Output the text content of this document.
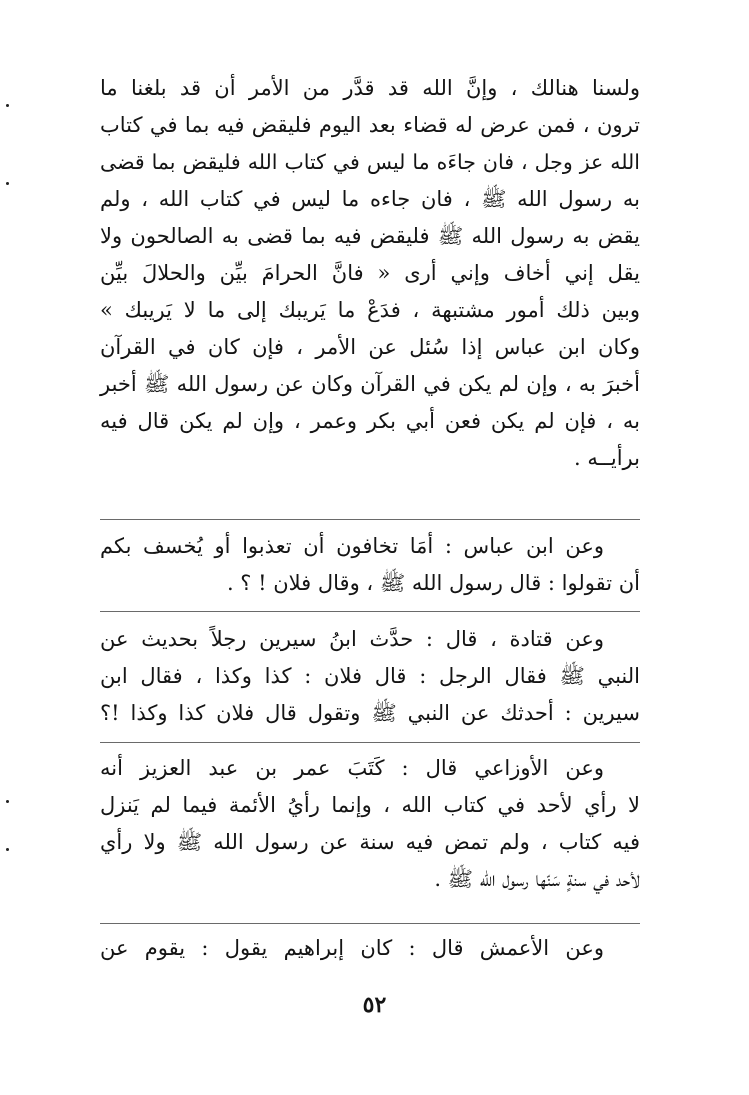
ولسنا هنالك ، وإنَّ الله قد قدَّر من الأمر أن قد بلغنا ما
ترون ، فمن عرض له قضاء بعد اليوم فليقض فيه بما في كتاب
الله عز وجل ، فان جاءَه ما ليس في كتاب الله فليقض بما قضى
به رسول الله ﷺ ، فان جاءه ما ليس في كتاب الله ، ولم
يقض به رسول الله ﷺ فليقض فيه بما قضى به الصالحون ولا
يقل إني أخاف وإني أرى « فانَّ الحرامَ بيِّن والحلالَ بيِّن
وبين ذلك أمور مشتبهة ، فدَعْ ما يَريبك إلى ما لا يَريبك »
وكان ابن عباس إذا سُئل عن الأمر ، فإن كان في القرآن
أخبرَ به ، وإن لم يكن في القرآن وكان عن رسول الله ﷺ أخبر
به ، فإن لم يكن فعن أبي بكر وعمر ، وإن لم يكن قال فيه
برأيــه .
وعن ابن عباس : أمَا تخافون أن تعذبوا أو يُخسف بكم
أن تقولوا : قال رسول الله ﷺ ، وقال فلان ! ؟ .
وعن قتادة ، قال : حدَّث ابنُ سيرين رجلاً بحديث عن
النبي ﷺ فقال الرجل : قال فلان : كذا وكذا ، فقال ابن
سيرين : أحدثك عن النبي ﷺ وتقول قال فلان كذا وكذا !؟
وعن الأوزاعي قال : كَتَبَ عمر بن عبد العزيز أنه
لا رأي لأحد في كتاب الله ، وإنما رأيُ الأئمة فيما لم يَنزل
فيه كتاب ، ولم تمض فيه سنة عن رسول الله ﷺ ولا رأي
لأحد في سنةٍ سَنّها رسول الله ﷺ .
وعن الأعمش قال : كان إبراهيم يقول : يقوم عن
٥٢
